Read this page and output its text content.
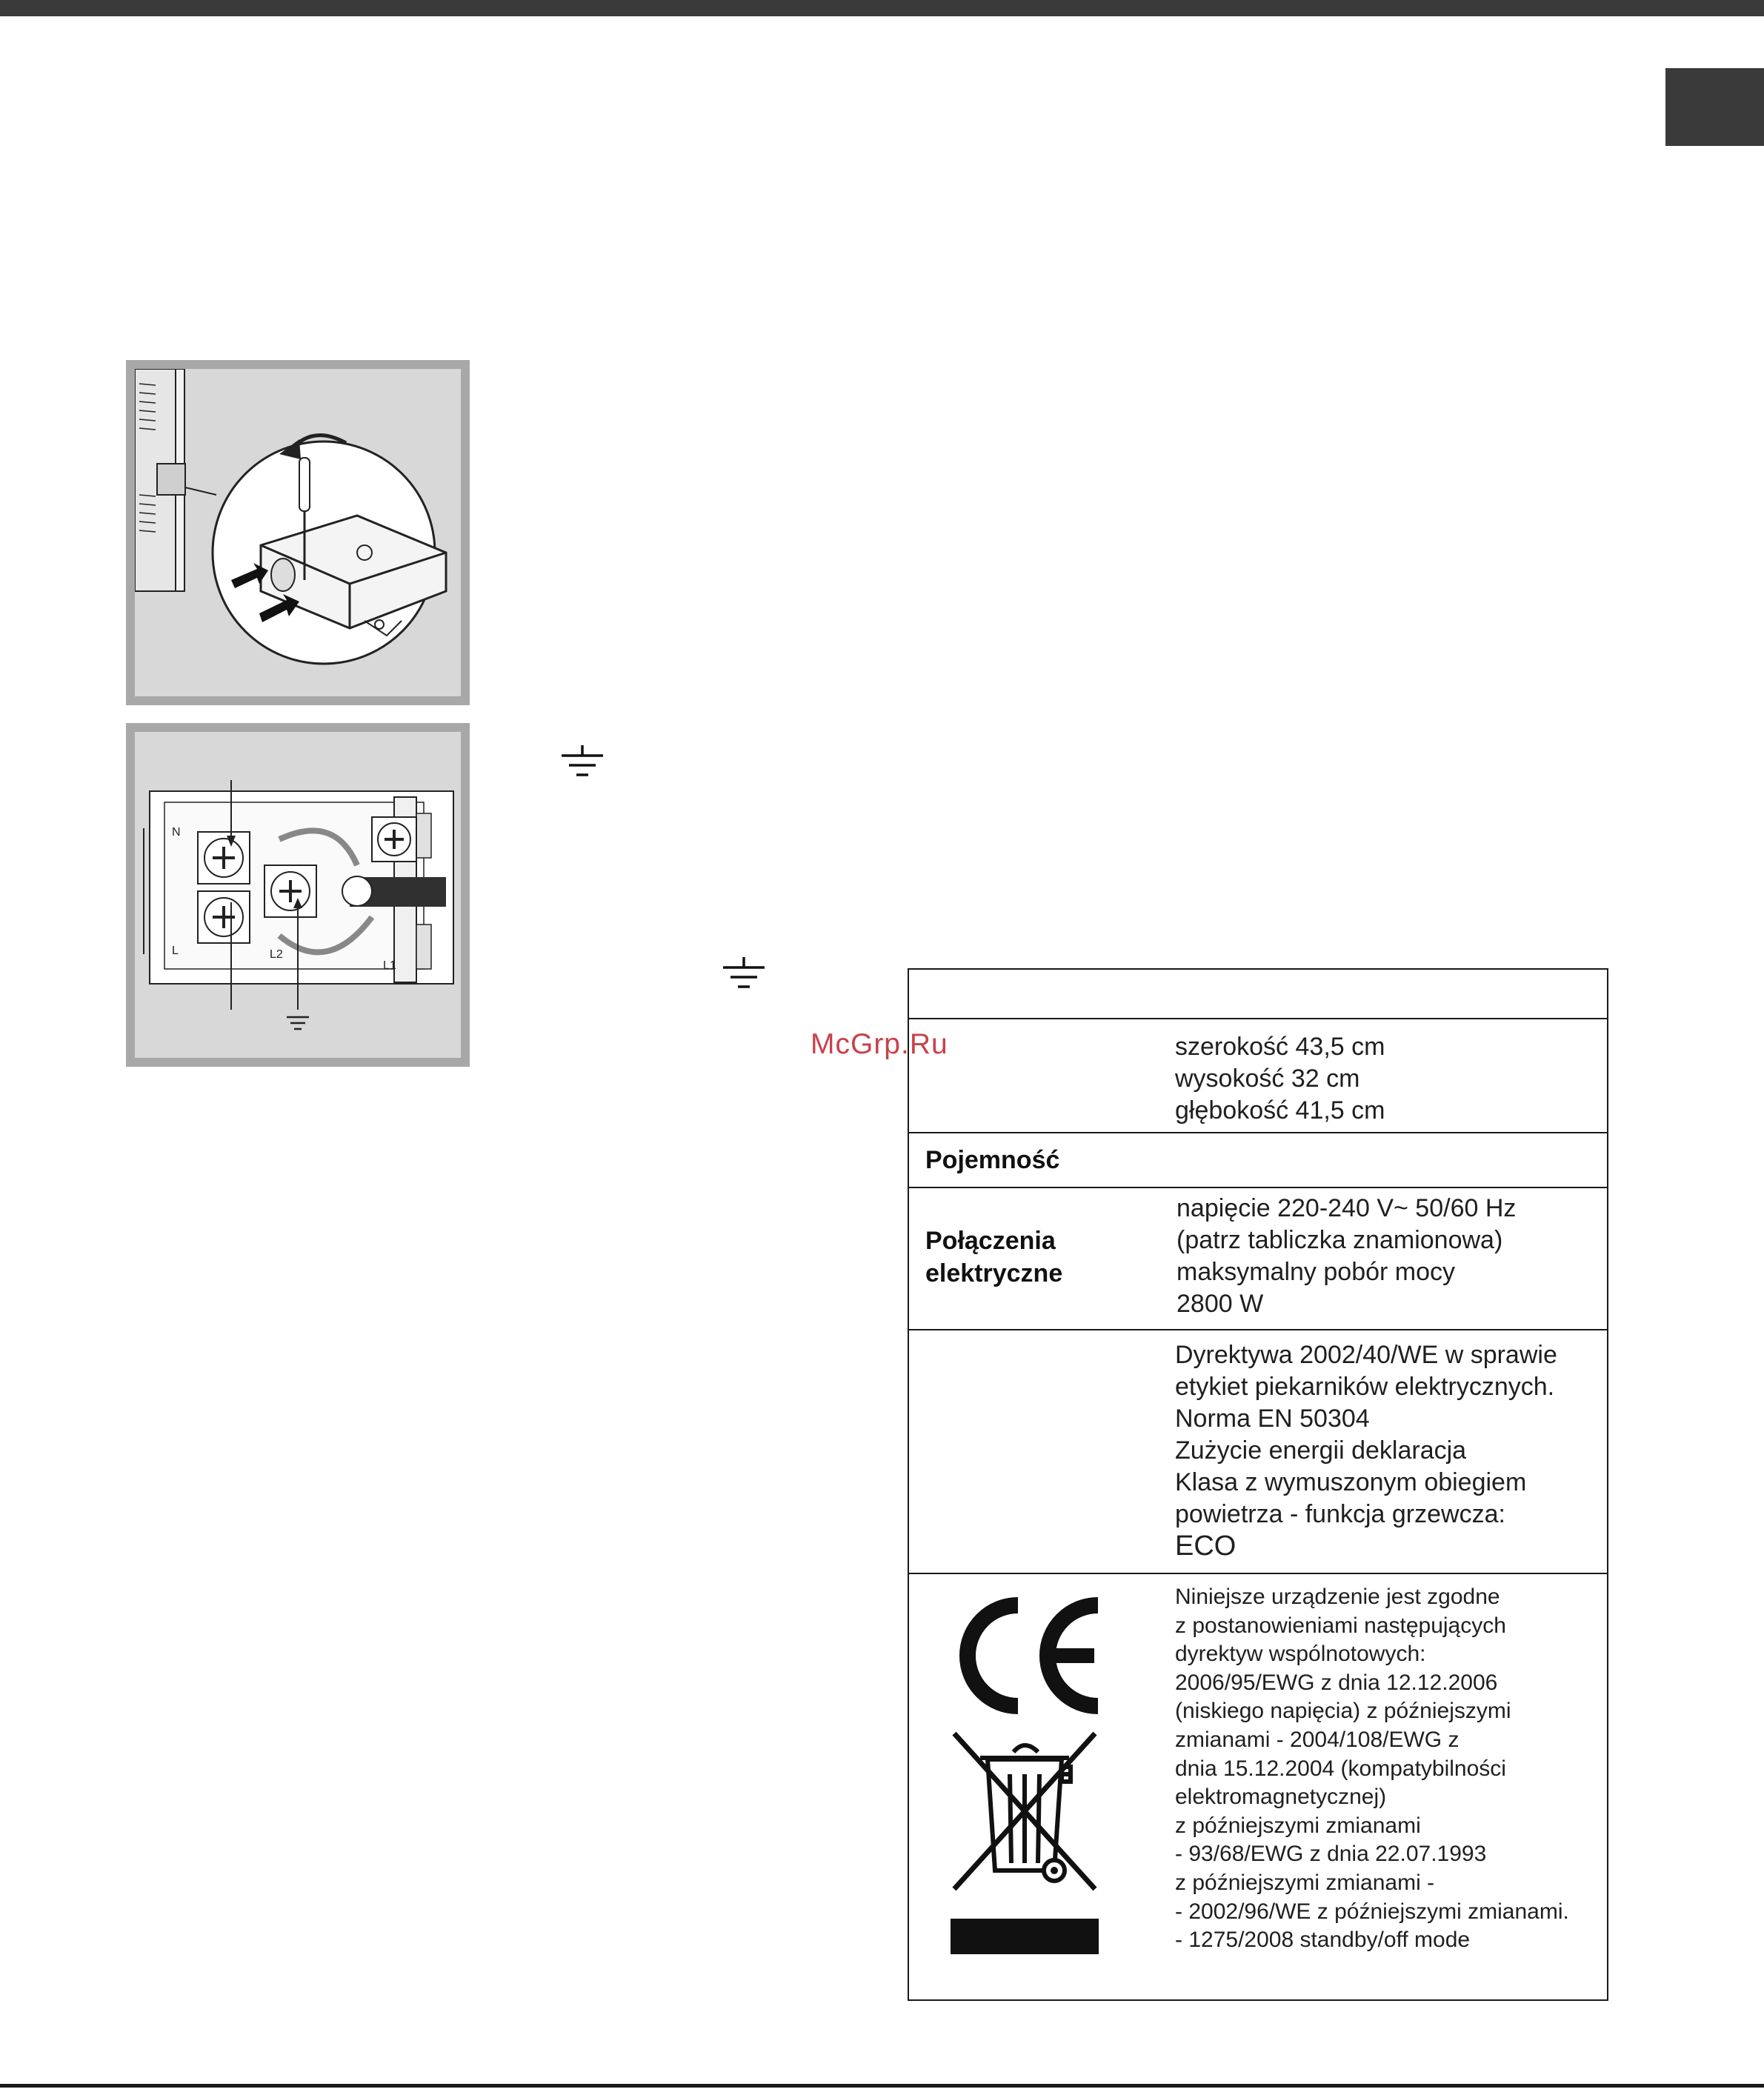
N
L	L2
L1
McGrp.Ru	szerokość 43,5 cm
wysokość 32 cm
głębokość 41,5 cm
Pojemność
Połączenia
elektryczne
napięcie 220-240 V~ 50/60 Hz
(patrz tabliczka znamionowa)
maksymalny pobór mocy
2800 W
Dyrektywa 2002/40/WE w sprawie
etykiet piekarników elektrycznych.
Norma EN 50304
Zużycie energii deklaracja
Klasa z wymuszonym obiegiem
powietrza - funkcja grzewcza:
ECO
Niniejsze urządzenie jest zgodne
z postanowieniami następujących
dyrektyw wspólnotowych:
2006/95/EWG z dnia 12.12.2006
(niskiego napięcia) z późniejszymi
zmianami - 2004/108/EWG z
dnia 15.12.2004 (kompatybilności
elektromagnetycznej)
z późniejszymi zmianami
- 93/68/EWG z dnia 22.07.1993
z późniejszymi zmianami -
- 2002/96/WE z późniejszymi zmianami.
- 1275/2008 standby/off mode
